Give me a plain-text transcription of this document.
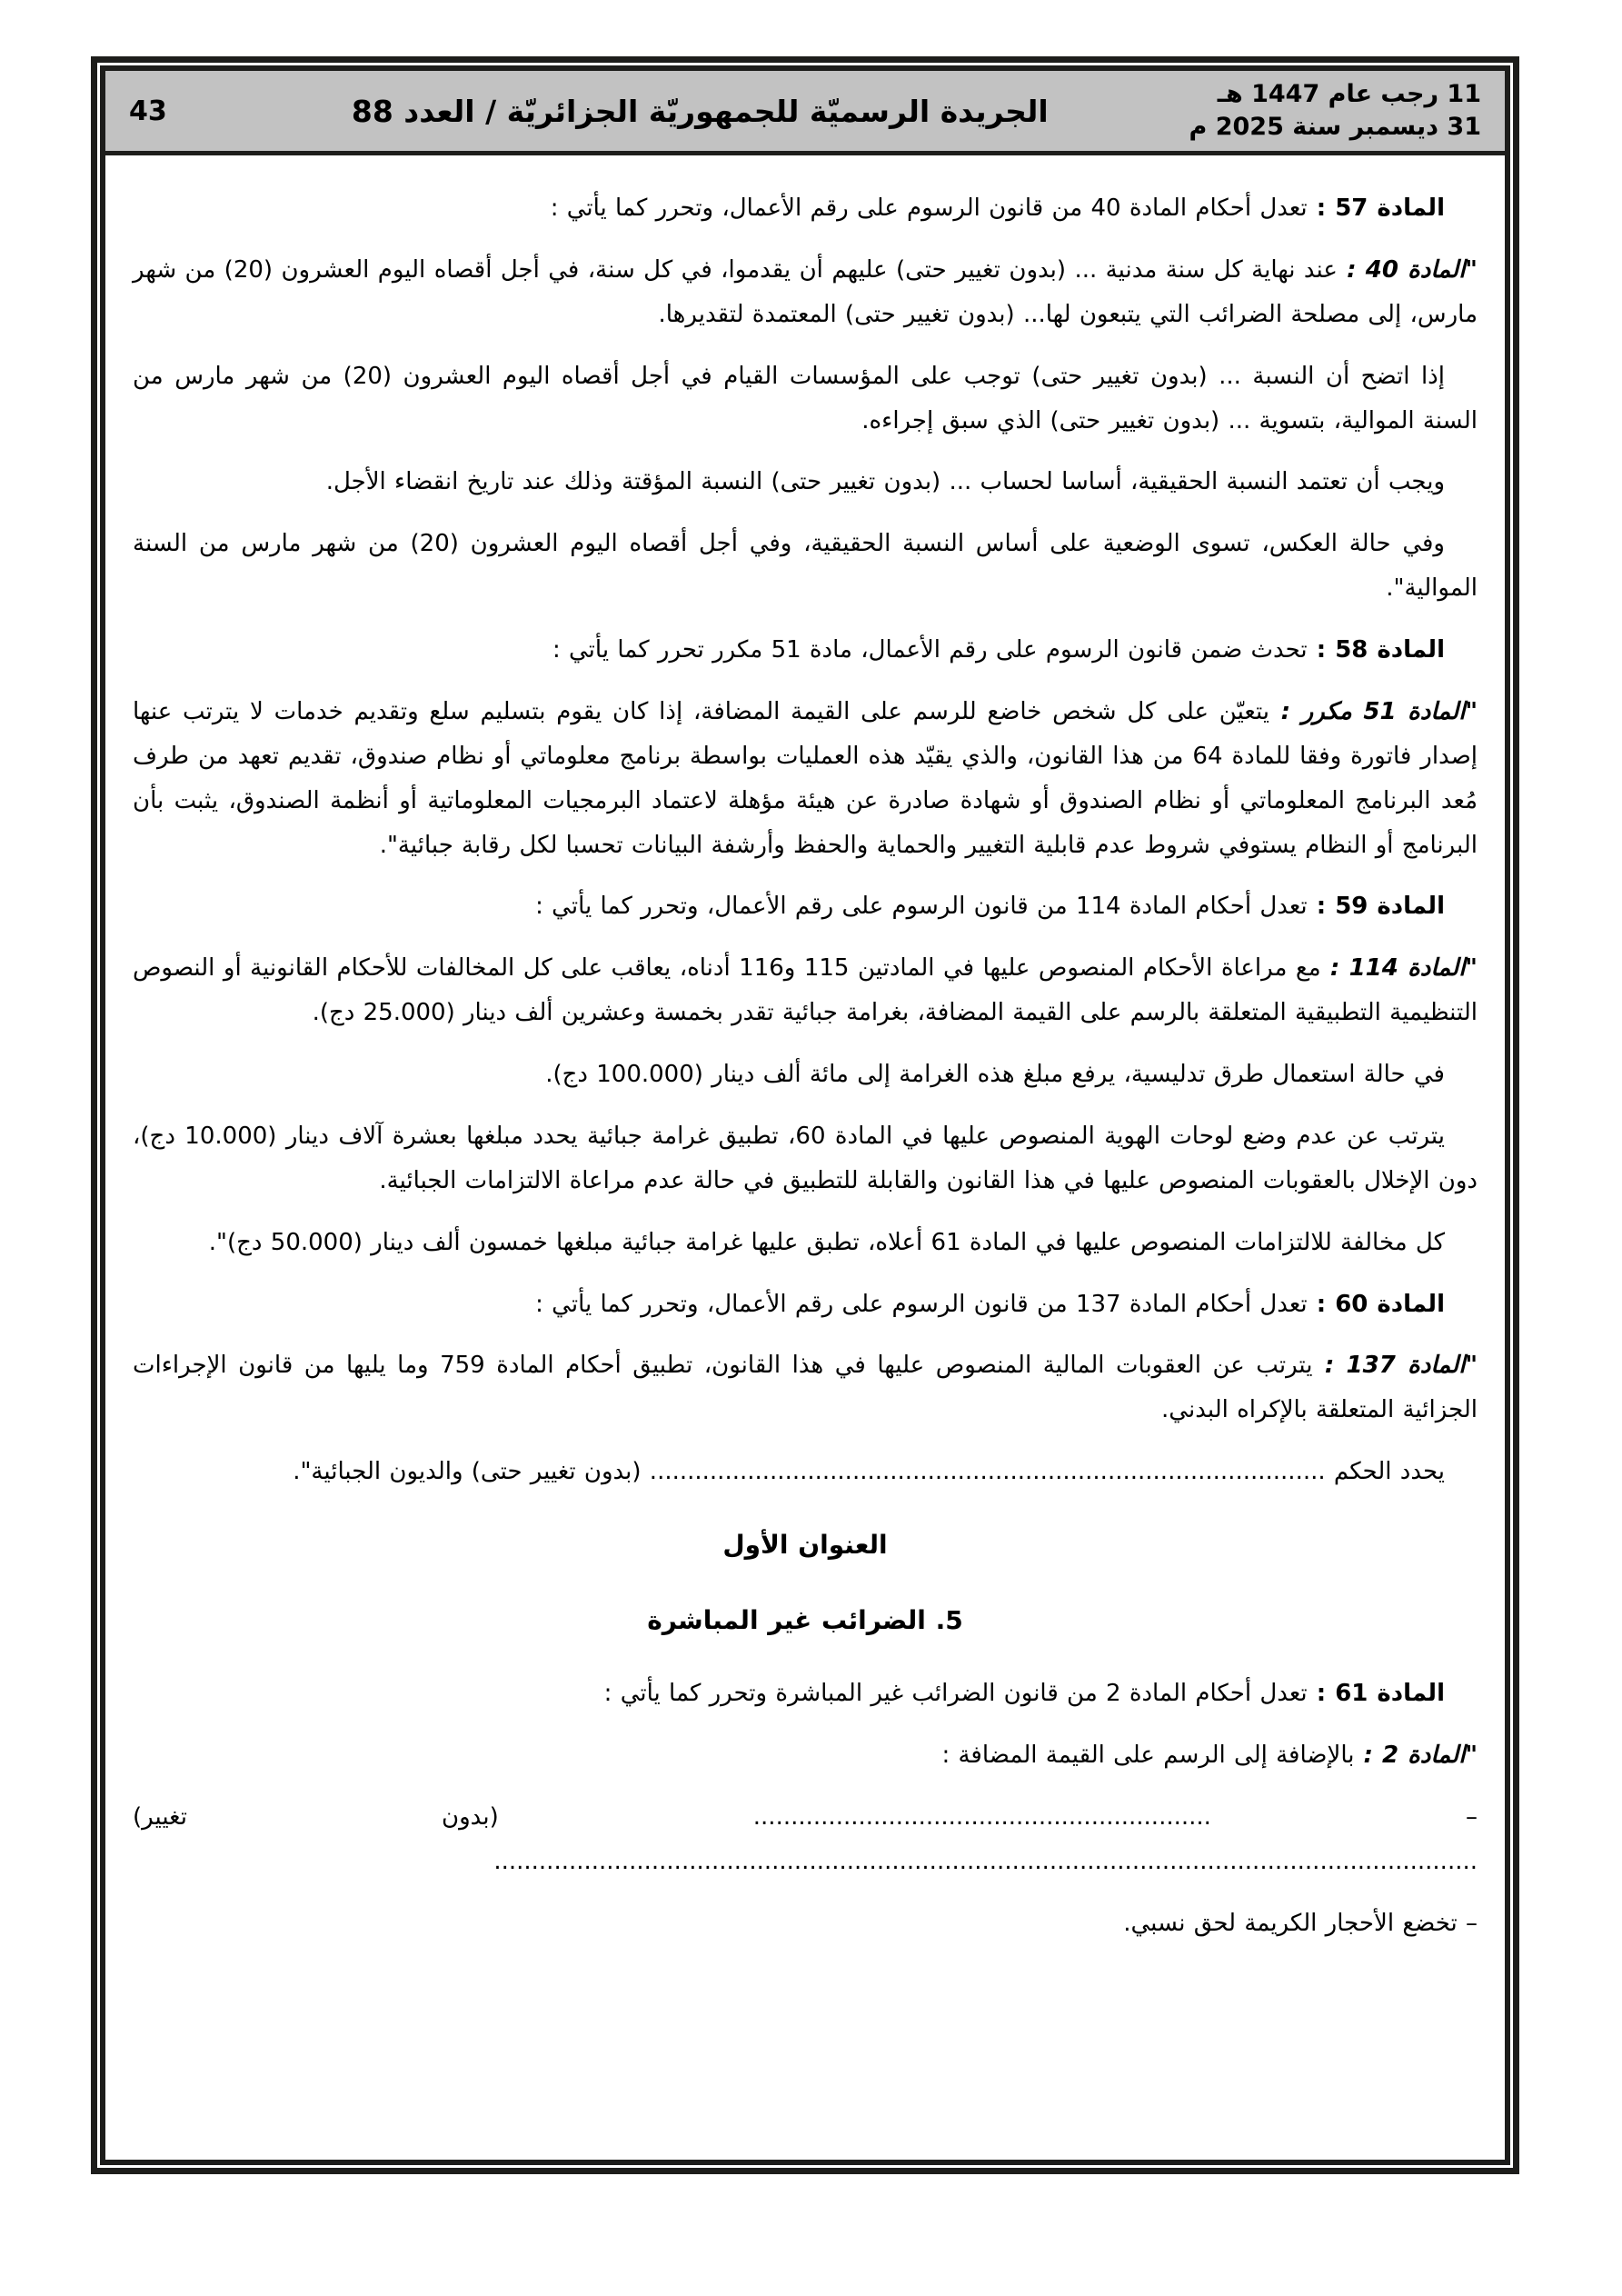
11 رجب عام 1447 هـ
31 ديسمبر سنة 2025 م
الجريدة الرسميّة للجمهوريّة الجزائريّة / العدد 88
43

المادة 57 : تعدل أحكام المادة 40 من قانون الرسوم على رقم الأعمال، وتحرر كما يأتي :

"المادة 40 : عند نهاية كل سنة مدنية ... (بدون تغيير حتى) عليهم أن يقدموا، في كل سنة، في أجل أقصاه اليوم العشرون (20) من شهر مارس، إلى مصلحة الضرائب التي يتبعون لها... (بدون تغيير حتى) المعتمدة لتقديرها.

إذا اتضح أن النسبة ... (بدون تغيير حتى) توجب على المؤسسات القيام في أجل أقصاه اليوم العشرون (20) من شهر مارس من السنة الموالية، بتسوية ... (بدون تغيير حتى) الذي سبق إجراءه.

ويجب أن تعتمد النسبة الحقيقية، أساسا لحساب ... (بدون تغيير حتى) النسبة المؤقتة وذلك عند تاريخ انقضاء الأجل.

وفي حالة العكس، تسوى الوضعية على أساس النسبة الحقيقية، وفي أجل أقصاه اليوم العشرون (20) من شهر مارس من السنة الموالية".

المادة 58 : تحدث ضمن قانون الرسوم على رقم الأعمال، مادة 51 مكرر تحرر كما يأتي :

"المادة 51 مكرر : يتعيّن على كل شخص خاضع للرسم على القيمة المضافة، إذا كان يقوم بتسليم سلع وتقديم خدمات لا يترتب عنها إصدار فاتورة وفقا للمادة 64 من هذا القانون، والذي يقيّد هذه العمليات بواسطة برنامج معلوماتي أو نظام صندوق، تقديم تعهد من طرف مُعد البرنامج المعلوماتي أو نظام الصندوق أو شهادة صادرة عن هيئة مؤهلة لاعتماد البرمجيات المعلوماتية أو أنظمة الصندوق، يثبت بأن البرنامج أو النظام يستوفي شروط عدم قابلية التغيير والحماية والحفظ وأرشفة البيانات تحسبا لكل رقابة جبائية".

المادة 59 : تعدل أحكام المادة 114 من قانون الرسوم على رقم الأعمال، وتحرر كما يأتي :

"المادة 114 : مع مراعاة الأحكام المنصوص عليها في المادتين 115 و116 أدناه، يعاقب على كل المخالفات للأحكام القانونية أو النصوص التنظيمية التطبيقية المتعلقة بالرسم على القيمة المضافة، بغرامة جبائية تقدر بخمسة وعشرين ألف دينار (25.000 دج).

في حالة استعمال طرق تدليسية، يرفع مبلغ هذه الغرامة إلى مائة ألف دينار (100.000 دج).

يترتب عن عدم وضع لوحات الهوية المنصوص عليها في المادة 60، تطبيق غرامة جبائية يحدد مبلغها بعشرة آلاف دينار (10.000 دج)، دون الإخلال بالعقوبات المنصوص عليها في هذا القانون والقابلة للتطبيق في حالة عدم مراعاة الالتزامات الجبائية.

كل مخالفة للالتزامات المنصوص عليها في المادة 61 أعلاه، تطبق عليها غرامة جبائية مبلغها خمسون ألف دينار (50.000 دج)".

المادة 60 : تعدل أحكام المادة 137 من قانون الرسوم على رقم الأعمال، وتحرر كما يأتي :

"المادة 137 : يترتب عن العقوبات المالية المنصوص عليها في هذا القانون، تطبيق أحكام المادة 759 وما يليها من قانون الإجراءات الجزائية المتعلقة بالإكراه البدني.

يحدد الحكم .......................................................................................... (بدون تغيير حتى) والديون الجبائية".

العنوان الأول

5. الضرائب غير المباشرة

المادة 61 : تعدل أحكام المادة 2 من قانون الضرائب غير المباشرة وتحرر كما يأتي :

"المادة 2 : بالإضافة إلى الرسم على القيمة المضافة :

– ............................................................. (بدون تغيير) ...................................................................................................................................

– تخضع الأحجار الكريمة لحق نسبي.
